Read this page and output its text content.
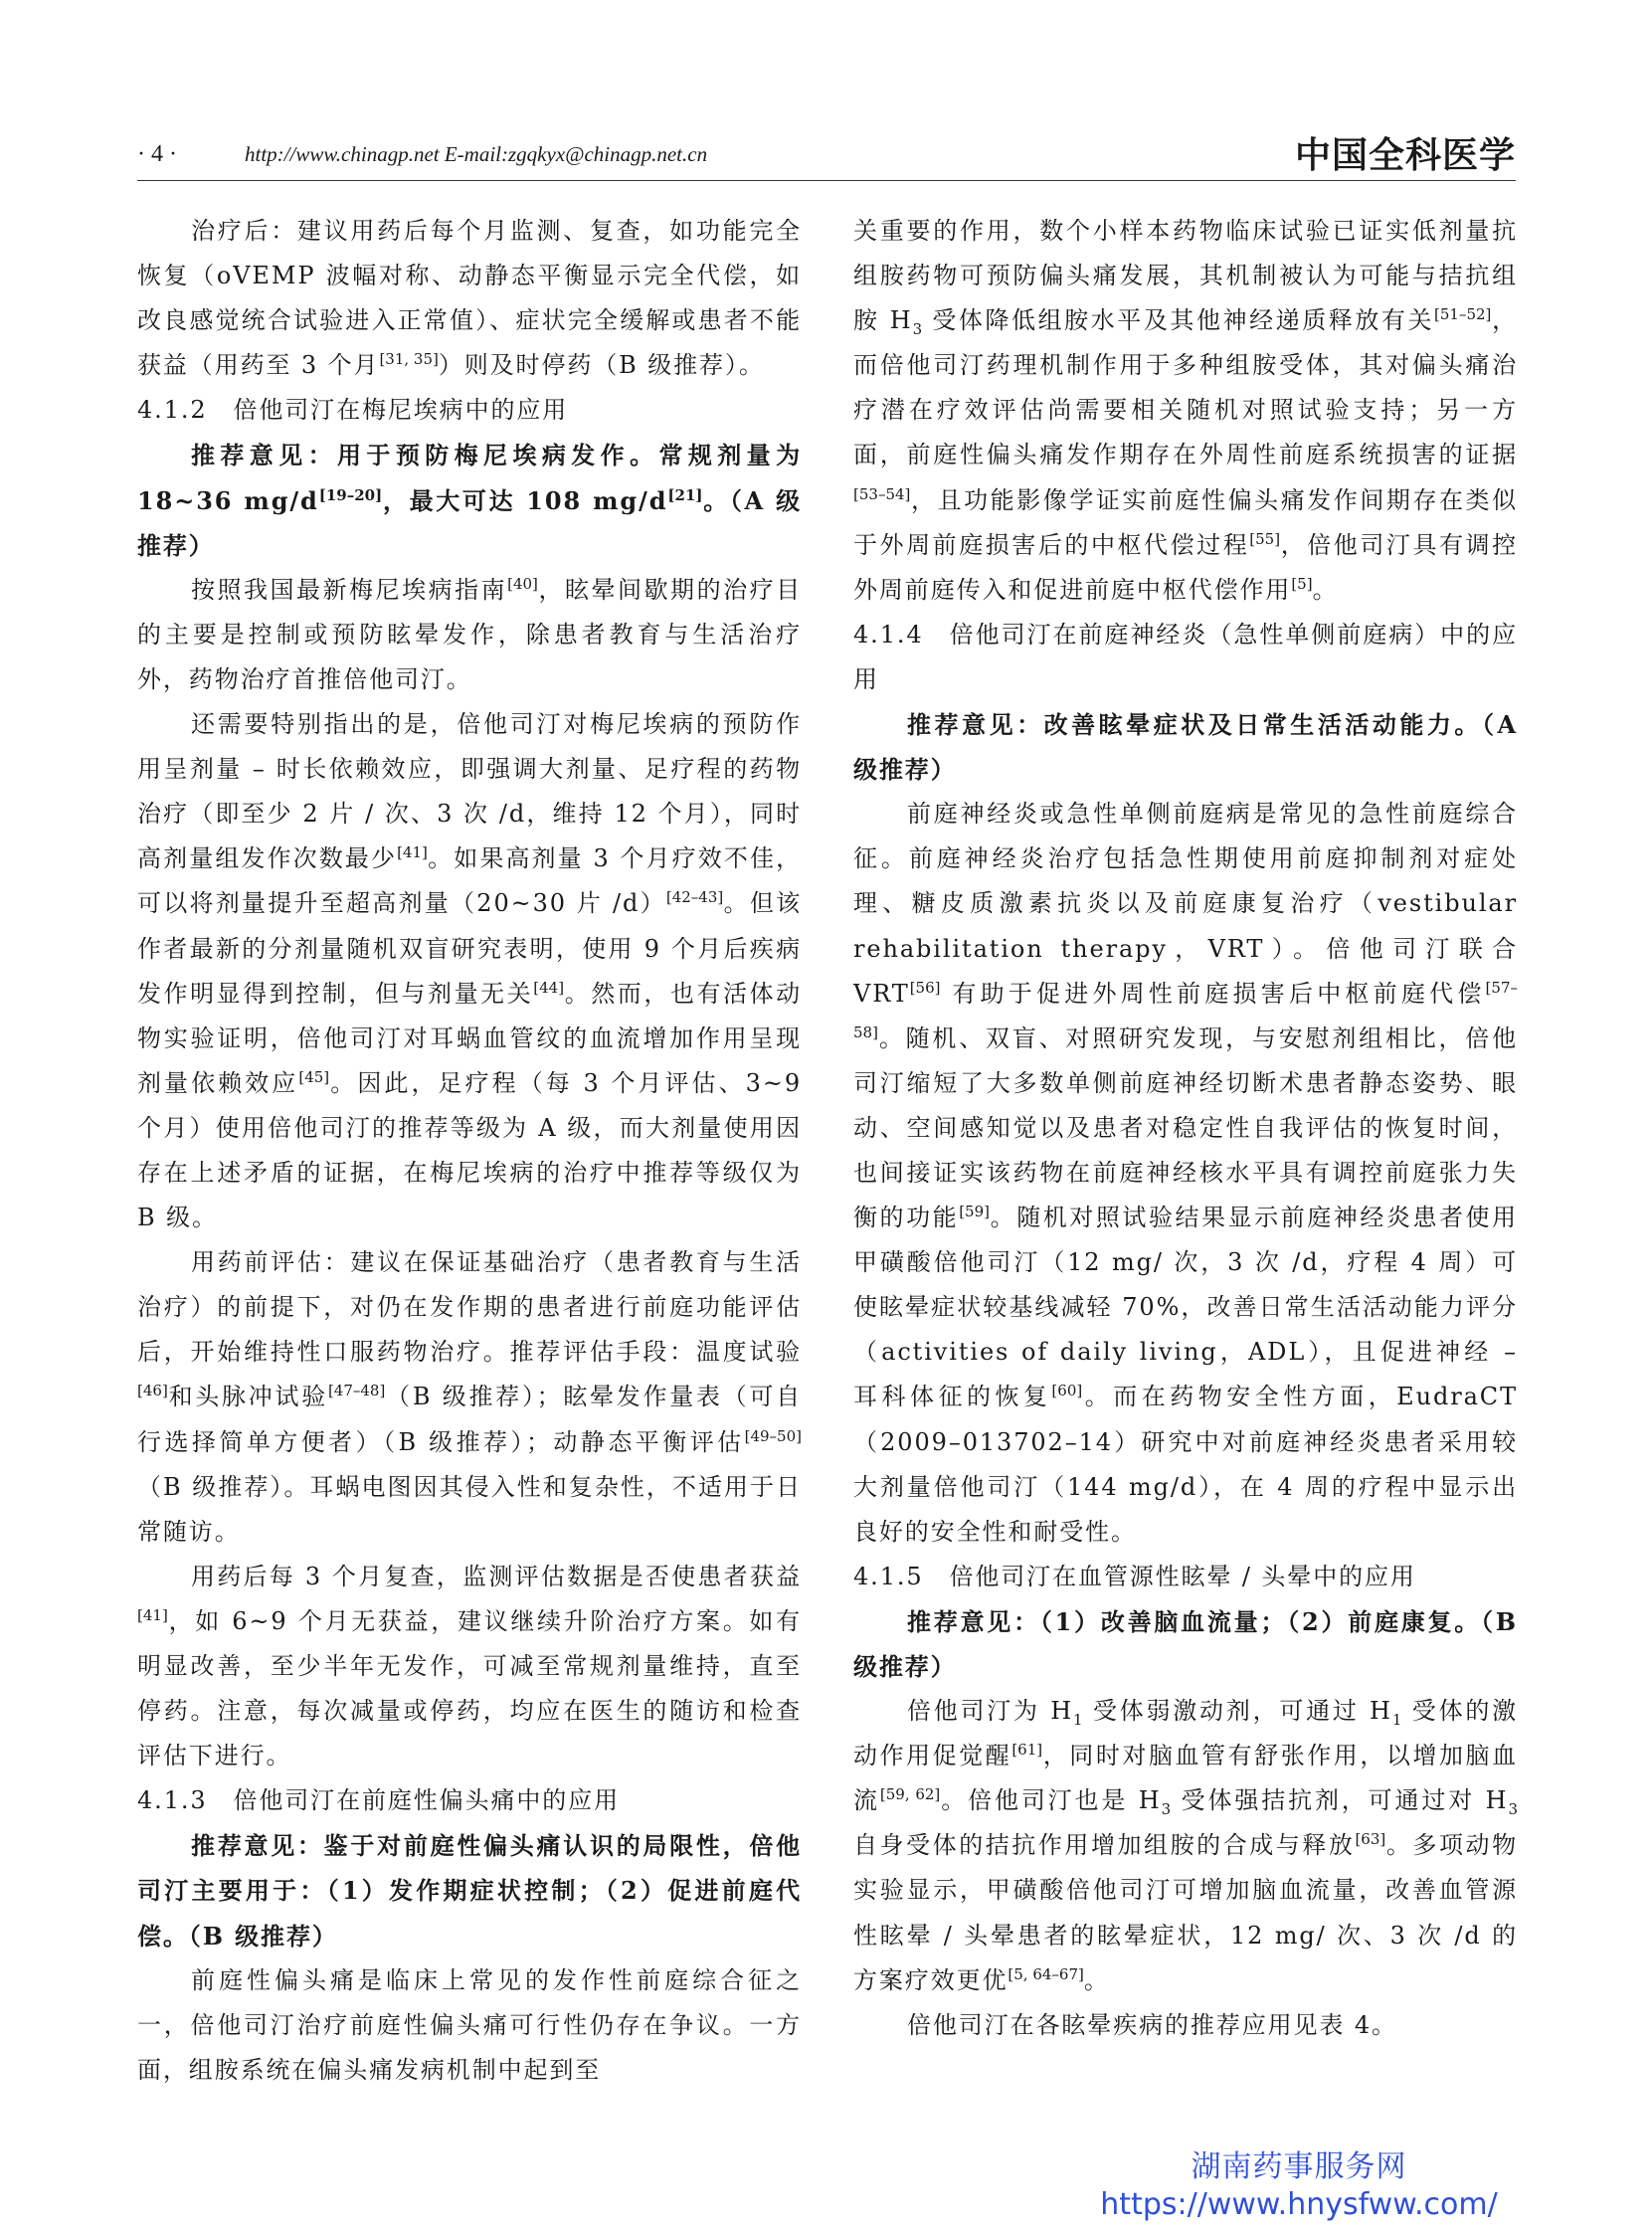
· 4 ·	http://www.chinagp.net E-mail:zgqkyx@chinagp.net.cn	中国全科医学

治疗后：建议用药后每个月监测、复查，如功能完全恢复（oVEMP 波幅对称、动静态平衡显示完全代偿，如改良感觉统合试验进入正常值）、症状完全缓解或患者不能获益（用药至 3 个月[31, 35]）则及时停药（B 级推荐）。

4.1.2　倍他司汀在梅尼埃病中的应用

推荐意见：用于预防梅尼埃病发作。常规剂量为 18~36 mg/d[19–20]，最大可达 108 mg/d[21]。（A 级推荐）

按照我国最新梅尼埃病指南[40]，眩晕间歇期的治疗目的主要是控制或预防眩晕发作，除患者教育与生活治疗外，药物治疗首推倍他司汀。

还需要特别指出的是，倍他司汀对梅尼埃病的预防作用呈剂量 – 时长依赖效应，即强调大剂量、足疗程的药物治疗（即至少 2 片 / 次、3 次 /d，维持 12 个月），同时高剂量组发作次数最少[41]。如果高剂量 3 个月疗效不佳，可以将剂量提升至超高剂量（20~30 片 /d）[42–43]。但该作者最新的分剂量随机双盲研究表明，使用 9 个月后疾病发作明显得到控制，但与剂量无关[44]。然而，也有活体动物实验证明，倍他司汀对耳蜗血管纹的血流增加作用呈现剂量依赖效应[45]。因此，足疗程（每 3 个月评估、3~9 个月）使用倍他司汀的推荐等级为 A 级，而大剂量使用因存在上述矛盾的证据，在梅尼埃病的治疗中推荐等级仅为 B 级。

用药前评估：建议在保证基础治疗（患者教育与生活治疗）的前提下，对仍在发作期的患者进行前庭功能评估后，开始维持性口服药物治疗。推荐评估手段：温度试验[46]和头脉冲试验[47–48]（B 级推荐）；眩晕发作量表（可自行选择简单方便者）（B 级推荐）；动静态平衡评估[49–50]（B 级推荐）。耳蜗电图因其侵入性和复杂性，不适用于日常随访。

用药后每 3 个月复查，监测评估数据是否使患者获益[41]，如 6~9 个月无获益，建议继续升阶治疗方案。如有明显改善，至少半年无发作，可减至常规剂量维持，直至停药。注意，每次减量或停药，均应在医生的随访和检查评估下进行。

4.1.3　倍他司汀在前庭性偏头痛中的应用

推荐意见：鉴于对前庭性偏头痛认识的局限性，倍他司汀主要用于：（1）发作期症状控制；（2）促进前庭代偿。（B 级推荐）

前庭性偏头痛是临床上常见的发作性前庭综合征之一，倍他司汀治疗前庭性偏头痛可行性仍存在争议。一方面，组胺系统在偏头痛发病机制中起到至

关重要的作用，数个小样本药物临床试验已证实低剂量抗组胺药物可预防偏头痛发展，其机制被认为可能与拮抗组胺 $H_3$ 受体降低组胺水平及其他神经递质释放有关[51–52]，而倍他司汀药理机制作用于多种组胺受体，其对偏头痛治疗潜在疗效评估尚需要相关随机对照试验支持；另一方面，前庭性偏头痛发作期存在外周性前庭系统损害的证据[53–54]，且功能影像学证实前庭性偏头痛发作间期存在类似于外周前庭损害后的中枢代偿过程[55]，倍他司汀具有调控外周前庭传入和促进前庭中枢代偿作用[5]。

4.1.4　倍他司汀在前庭神经炎（急性单侧前庭病）中的应用

推荐意见：改善眩晕症状及日常生活活动能力。（A 级推荐）

前庭神经炎或急性单侧前庭病是常见的急性前庭综合征。前庭神经炎治疗包括急性期使用前庭抑制剂对症处理、糖皮质激素抗炎以及前庭康复治疗（vestibular rehabilitation therapy，VRT）。倍他司汀联合 VRT[56] 有助于促进外周性前庭损害后中枢前庭代偿[57–58]。随机、双盲、对照研究发现，与安慰剂组相比，倍他司汀缩短了大多数单侧前庭神经切断术患者静态姿势、眼动、空间感知觉以及患者对稳定性自我评估的恢复时间，也间接证实该药物在前庭神经核水平具有调控前庭张力失衡的功能[59]。随机对照试验结果显示前庭神经炎患者使用甲磺酸倍他司汀（12 mg/ 次，3 次 /d，疗程 4 周）可使眩晕症状较基线减轻 70%，改善日常生活活动能力评分（activities of daily living，ADL），且促进神经 – 耳科体征的恢复[60]。而在药物安全性方面，EudraCT（2009–013702–14）研究中对前庭神经炎患者采用较大剂量倍他司汀（144 mg/d），在 4 周的疗程中显示出良好的安全性和耐受性。

4.1.5　倍他司汀在血管源性眩晕 / 头晕中的应用

推荐意见：（1）改善脑血流量；（2）前庭康复。（B 级推荐）

倍他司汀为 $H_1$ 受体弱激动剂，可通过 $H_1$ 受体的激动作用促觉醒[61]，同时对脑血管有舒张作用，以增加脑血流[59, 62]。倍他司汀也是 $H_3$ 受体强拮抗剂，可通过对 $H_3$ 自身受体的拮抗作用增加组胺的合成与释放[63]。多项动物实验显示，甲磺酸倍他司汀可增加脑血流量，改善血管源性眩晕 / 头晕患者的眩晕症状，12 mg/ 次、3 次 /d 的方案疗效更优[5, 64–67]。

倍他司汀在各眩晕疾病的推荐应用见表 4。

湖南药事服务网
https://www.hnysfww.com/
